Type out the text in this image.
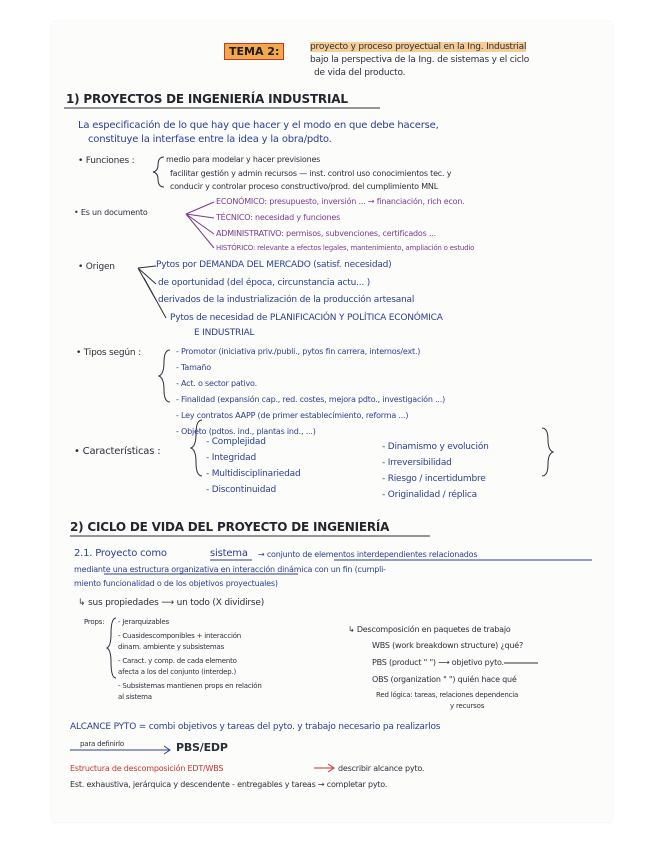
TEMA 2:	proyecto y proceso proyectual en la Ing. Industrial
bajo la perspectiva de la Ing. de sistemas y el ciclo
de vida del producto.
1) PROYECTOS DE INGENIERÍA INDUSTRIAL
La especificación de lo que hay que hacer y el modo en que debe hacerse,
constituye la interfase entre la idea y la obra/pdto.
• Funciones :	medio para modelar y hacer previsiones
facilitar gestión y admin recursos — inst. control uso conocimientos tec. y
conducir y controlar proceso constructivo/prod. del cumplimiento MNL
• Es un documento
ECONÓMICO: presupuesto, inversión ... → financiación, rich econ.
TÉCNICO: necesidad y funciones
ADMINISTRATIVO: permisos, subvenciones, certificados ...
HISTÓRICO: relevante a efectos legales, mantenimiento, ampliación o estudio
• Origen	Pytos por DEMANDA DEL MERCADO (satisf. necesidad)
de oportunidad (del época, circunstancia actu... )
derivados de la industrialización de la producción artesanal
Pytos de necesidad de PLANIFICACIÓN Y POLÍTICA ECONÓMICA
E INDUSTRIAL
• Tipos según :	- Promotor (iniciativa priv./publi., pytos fin carrera, internos/ext.)
- Tamaño
- Act. o sector pativo.
- Finalidad (expansión cap., red. costes, mejora pdto., investigación ...)
- Ley contratos AAPP (de primer establecimiento, reforma ...)
- Objeto (pdtos. ind., plantas ind., ...)
• Características :
- Complejidad
- Integridad
- Multidisciplinariedad
- Discontinuidad
- Dinamismo y evolución
- Irreversibilidad
- Riesgo / incertidumbre
- Originalidad / réplica
2) CICLO DE VIDA DEL PROYECTO DE INGENIERÍA
2.1. Proyecto como	sistema → conjunto de elementos interdependientes relacionados
mediante una estructura organizativa en interacción dinámica con un fin (cumpli-
miento funcionalidad o de los objetivos proyectuales)
↳ sus propiedades ⟶ un todo (X dividirse)
Props: - Jerarquizables
- Cuasidescomponibles + interacción
dinam. ambiente y subsistemas
- Caract. y comp. de cada elemento
afecta a los del conjunto (interdep.)
- Subsistemas mantienen props en relación
al sistema
↳ Descomposición en paquetes de trabajo
WBS (work breakdown structure) ¿qué?
PBS (product " ") ⟶ objetivo pyto.
OBS (organization " ") quién hace qué
Red lógica: tareas, relaciones dependencia
y recursos
ALCANCE PYTO = combi objetivos y tareas del pyto. y trabajo necesario pa realizarlos
para definirlo	PBS/EDP
Estructura de descomposición EDT/WBS	describir alcance pyto.
Est. exhaustiva, jerárquica y descendente - entregables y tareas → completar pyto.
